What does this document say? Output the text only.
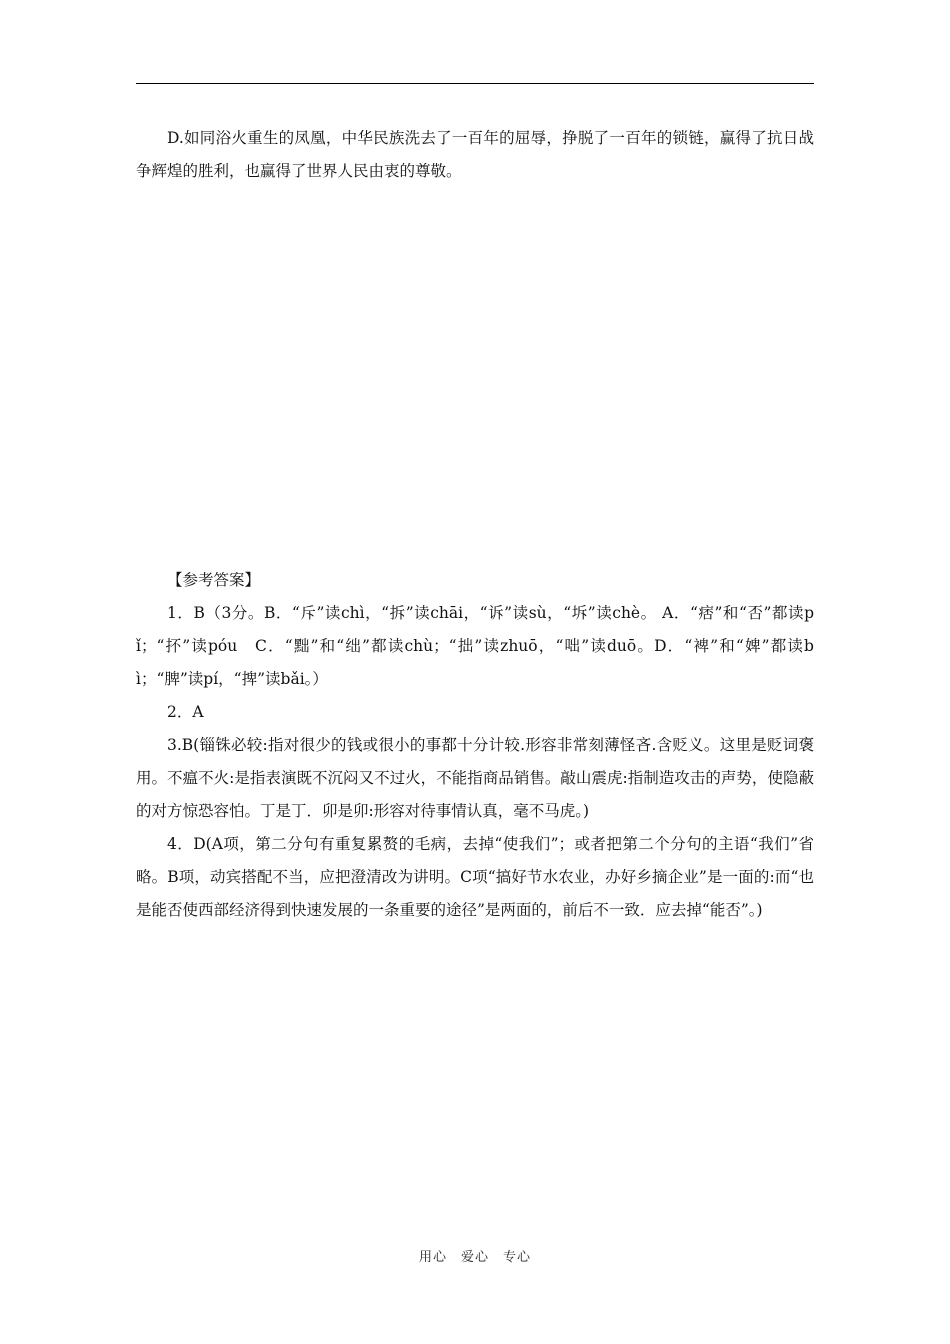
D.如同浴火重生的凤凰，中华民族洗去了一百年的屈辱，挣脱了一百年的锁链，赢得了抗日战争辉煌的胜利，也赢得了世界人民由衷的尊敬。

【参考答案】

1．B（3分。B．“斥”读chì，“拆”读chāi，“诉”读sù，“坼”读chè。 A．“痞”和“否”都读pǐ；“抔”读póu　C．“黜”和“绌”都读chù；“拙”读zhuō，“咄”读duō。D．“裨”和“婢”都读bì；“脾”读pí，“捭”读bǎi。）

2．A

3.B(锱铢必较:指对很少的钱或很小的事都十分计较.形容非常刻薄怪吝.含贬义。这里是贬词褒用。不瘟不火:是指表演既不沉闷又不过火，不能指商品销售。敲山震虎:指制造攻击的声势，使隐蔽的对方惊恐容怕。丁是丁．卯是卯:形容对待事情认真，毫不马虎。)

4．D(A项，第二分句有重复累赘的毛病，去掉“使我们”；或者把第二个分句的主语“我们”省略。B项，动宾搭配不当，应把澄清改为讲明。C项“搞好节水农业，办好乡摘企业”是一面的:而“也是能否使西部经济得到快速发展的一条重要的途径”是两面的，前后不一致．应去掉“能否”。)

用心　爱心　专心
